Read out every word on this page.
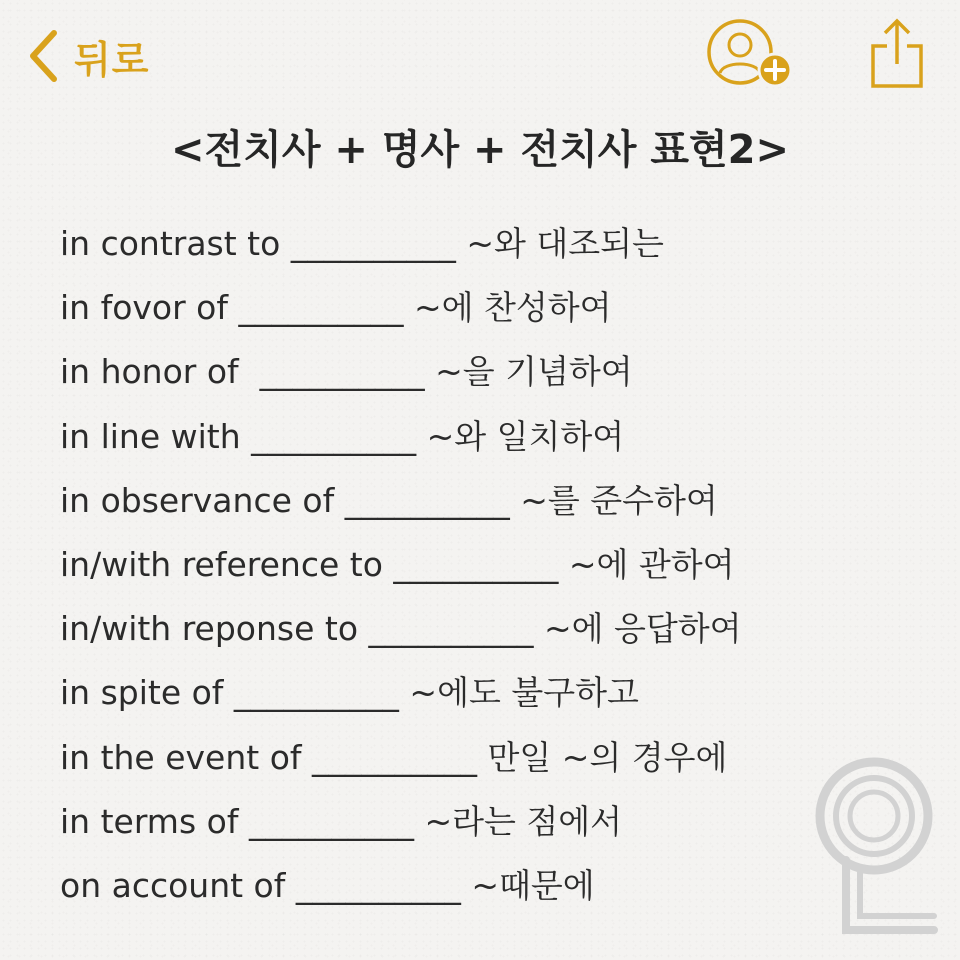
뒤로
<전치사 + 명사 + 전치사 표현2>
in contrast to __________ ~와 대조되는
in fovor of __________ ~에 찬성하여
in honor of  __________ ~을 기념하여
in line with __________ ~와 일치하여
in observance of __________ ~를 준수하여
in/with reference to __________ ~에 관하여
in/with reponse to __________ ~에 응답하여
in spite of __________ ~에도 불구하고
in the event of __________ 만일 ~의 경우에
in terms of __________ ~라는 점에서
on account of __________ ~때문에
